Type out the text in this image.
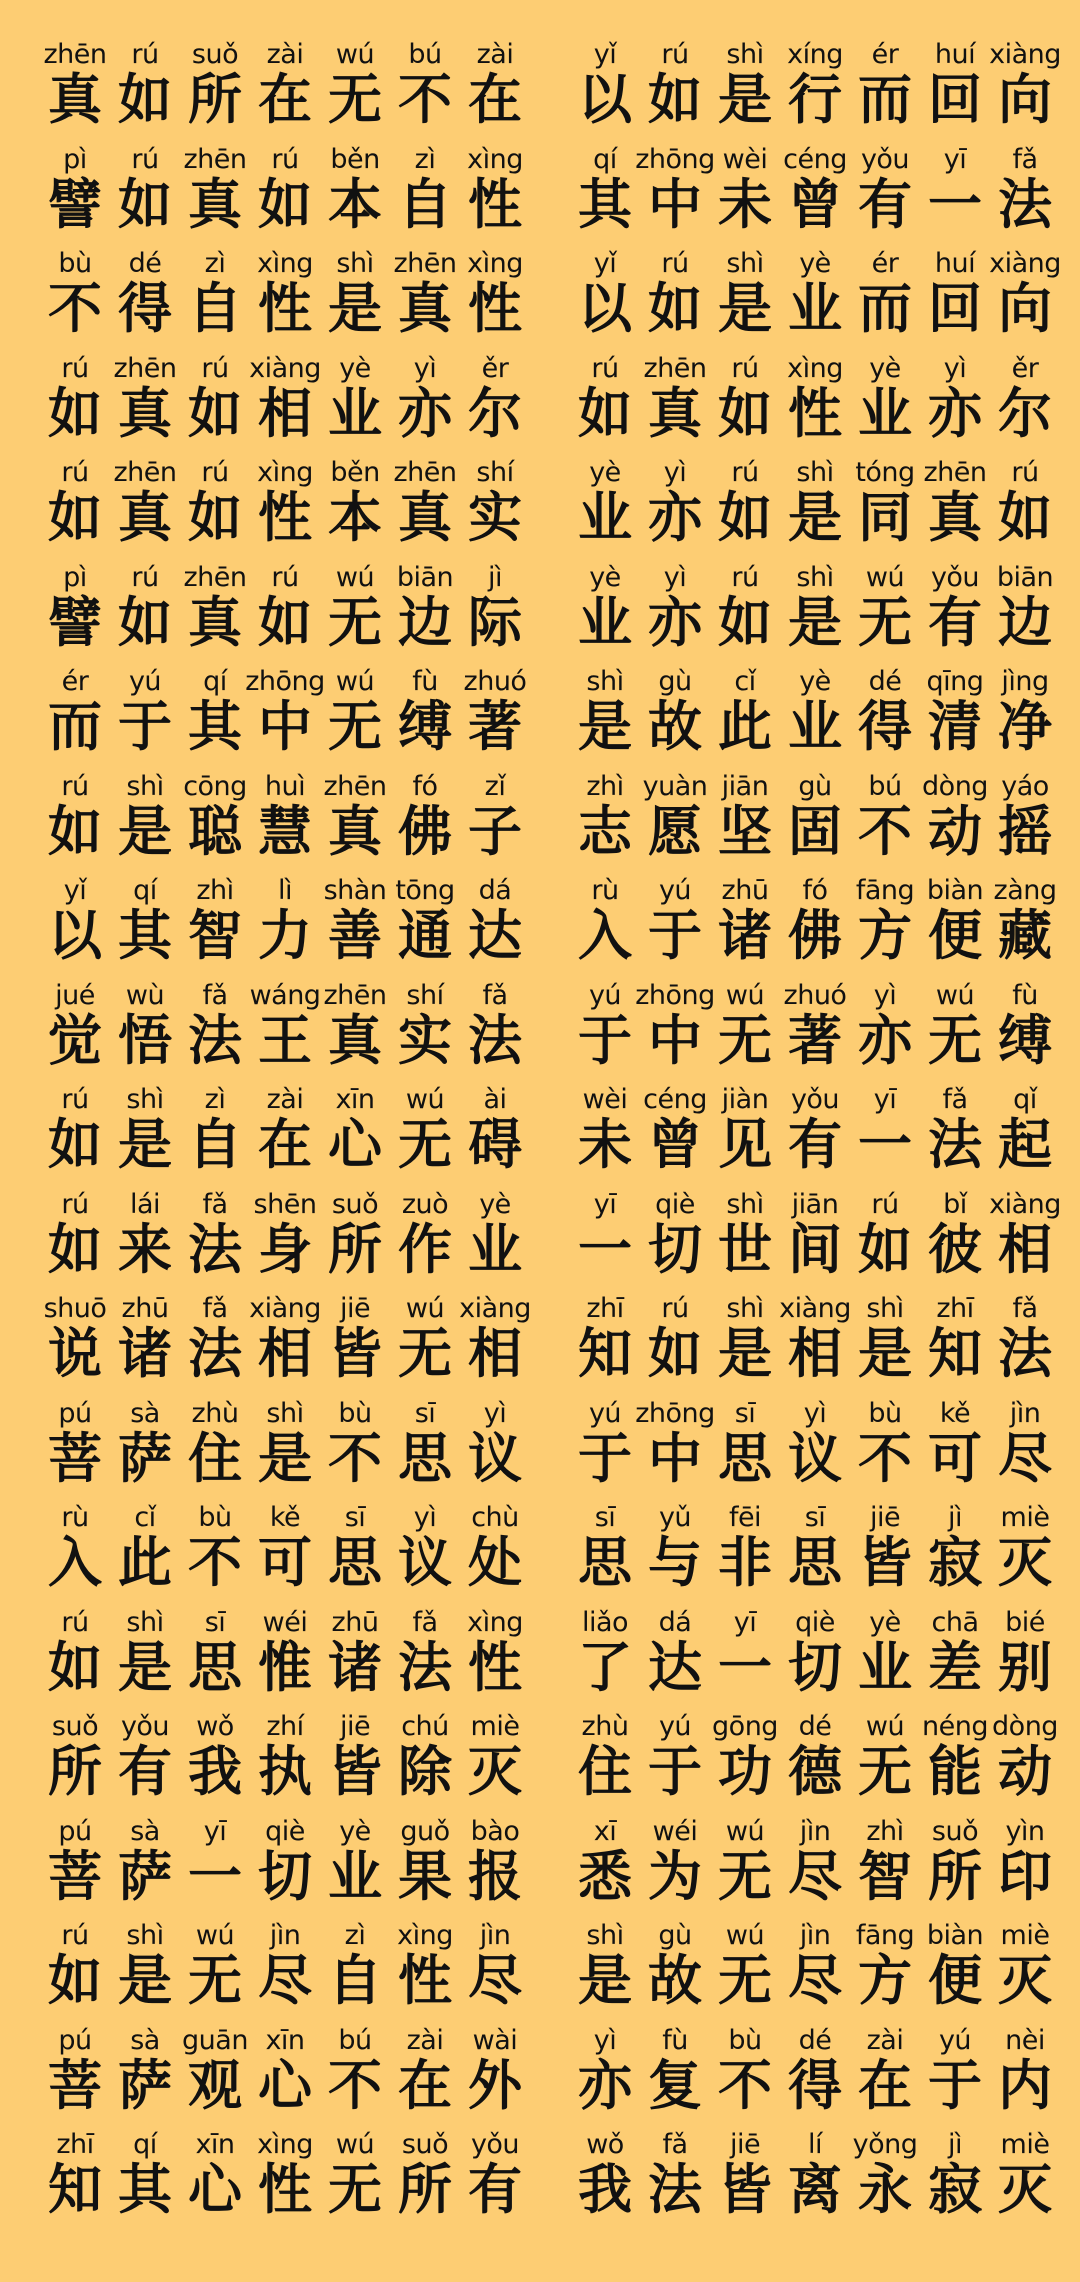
zhēn
真
rú
如
suǒ
所
zài
在
wú
无
bú
不
zài
在
yǐ
以
rú
如
shì
是
xíng
行
ér
而
huí
回
xiàng
向
pì
譬
rú
如
zhēn
真
rú
如
běn
本
zì
自
xìng
性
qí
其
zhōng
中
wèi
未
céng
曾
yǒu
有
yī
一
fǎ
法
bù
不
dé
得
zì
自
xìng
性
shì
是
zhēn
真
xìng
性
yǐ
以
rú
如
shì
是
yè
业
ér
而
huí
回
xiàng
向
rú
如
zhēn
真
rú
如
xiàng
相
yè
业
yì
亦
ěr
尔
rú
如
zhēn
真
rú
如
xìng
性
yè
业
yì
亦
ěr
尔
rú
如
zhēn
真
rú
如
xìng
性
běn
本
zhēn
真
shí
实
yè
业
yì
亦
rú
如
shì
是
tóng
同
zhēn
真
rú
如
pì
譬
rú
如
zhēn
真
rú
如
wú
无
biān
边
jì
际
yè
业
yì
亦
rú
如
shì
是
wú
无
yǒu
有
biān
边
ér
而
yú
于
qí
其
zhōng
中
wú
无
fù
缚
zhuó
著
shì
是
gù
故
cǐ
此
yè
业
dé
得
qīng
清
jìng
净
rú
如
shì
是
cōng
聪
huì
慧
zhēn
真
fó
佛
zǐ
子
zhì
志
yuàn
愿
jiān
坚
gù
固
bú
不
dòng
动
yáo
摇
yǐ
以
qí
其
zhì
智
lì
力
shàn
善
tōng
通
dá
达
rù
入
yú
于
zhū
诸
fó
佛
fāng
方
biàn
便
zàng
藏
jué
觉
wù
悟
fǎ
法
wáng
王
zhēn
真
shí
实
fǎ
法
yú
于
zhōng
中
wú
无
zhuó
著
yì
亦
wú
无
fù
缚
rú
如
shì
是
zì
自
zài
在
xīn
心
wú
无
ài
碍
wèi
未
céng
曾
jiàn
见
yǒu
有
yī
一
fǎ
法
qǐ
起
rú
如
lái
来
fǎ
法
shēn
身
suǒ
所
zuò
作
yè
业
yī
一
qiè
切
shì
世
jiān
间
rú
如
bǐ
彼
xiàng
相
shuō
说
zhū
诸
fǎ
法
xiàng
相
jiē
皆
wú
无
xiàng
相
zhī
知
rú
如
shì
是
xiàng
相
shì
是
zhī
知
fǎ
法
pú
菩
sà
萨
zhù
住
shì
是
bù
不
sī
思
yì
议
yú
于
zhōng
中
sī
思
yì
议
bù
不
kě
可
jìn
尽
rù
入
cǐ
此
bù
不
kě
可
sī
思
yì
议
chù
处
sī
思
yǔ
与
fēi
非
sī
思
jiē
皆
jì
寂
miè
灭
rú
如
shì
是
sī
思
wéi
惟
zhū
诸
fǎ
法
xìng
性
liǎo
了
dá
达
yī
一
qiè
切
yè
业
chā
差
bié
别
suǒ
所
yǒu
有
wǒ
我
zhí
执
jiē
皆
chú
除
miè
灭
zhù
住
yú
于
gōng
功
dé
德
wú
无
néng
能
dòng
动
pú
菩
sà
萨
yī
一
qiè
切
yè
业
guǒ
果
bào
报
xī
悉
wéi
为
wú
无
jìn
尽
zhì
智
suǒ
所
yìn
印
rú
如
shì
是
wú
无
jìn
尽
zì
自
xìng
性
jìn
尽
shì
是
gù
故
wú
无
jìn
尽
fāng
方
biàn
便
miè
灭
pú
菩
sà
萨
guān
观
xīn
心
bú
不
zài
在
wài
外
yì
亦
fù
复
bù
不
dé
得
zài
在
yú
于
nèi
内
zhī
知
qí
其
xīn
心
xìng
性
wú
无
suǒ
所
yǒu
有
wǒ
我
fǎ
法
jiē
皆
lí
离
yǒng
永
jì
寂
miè
灭
